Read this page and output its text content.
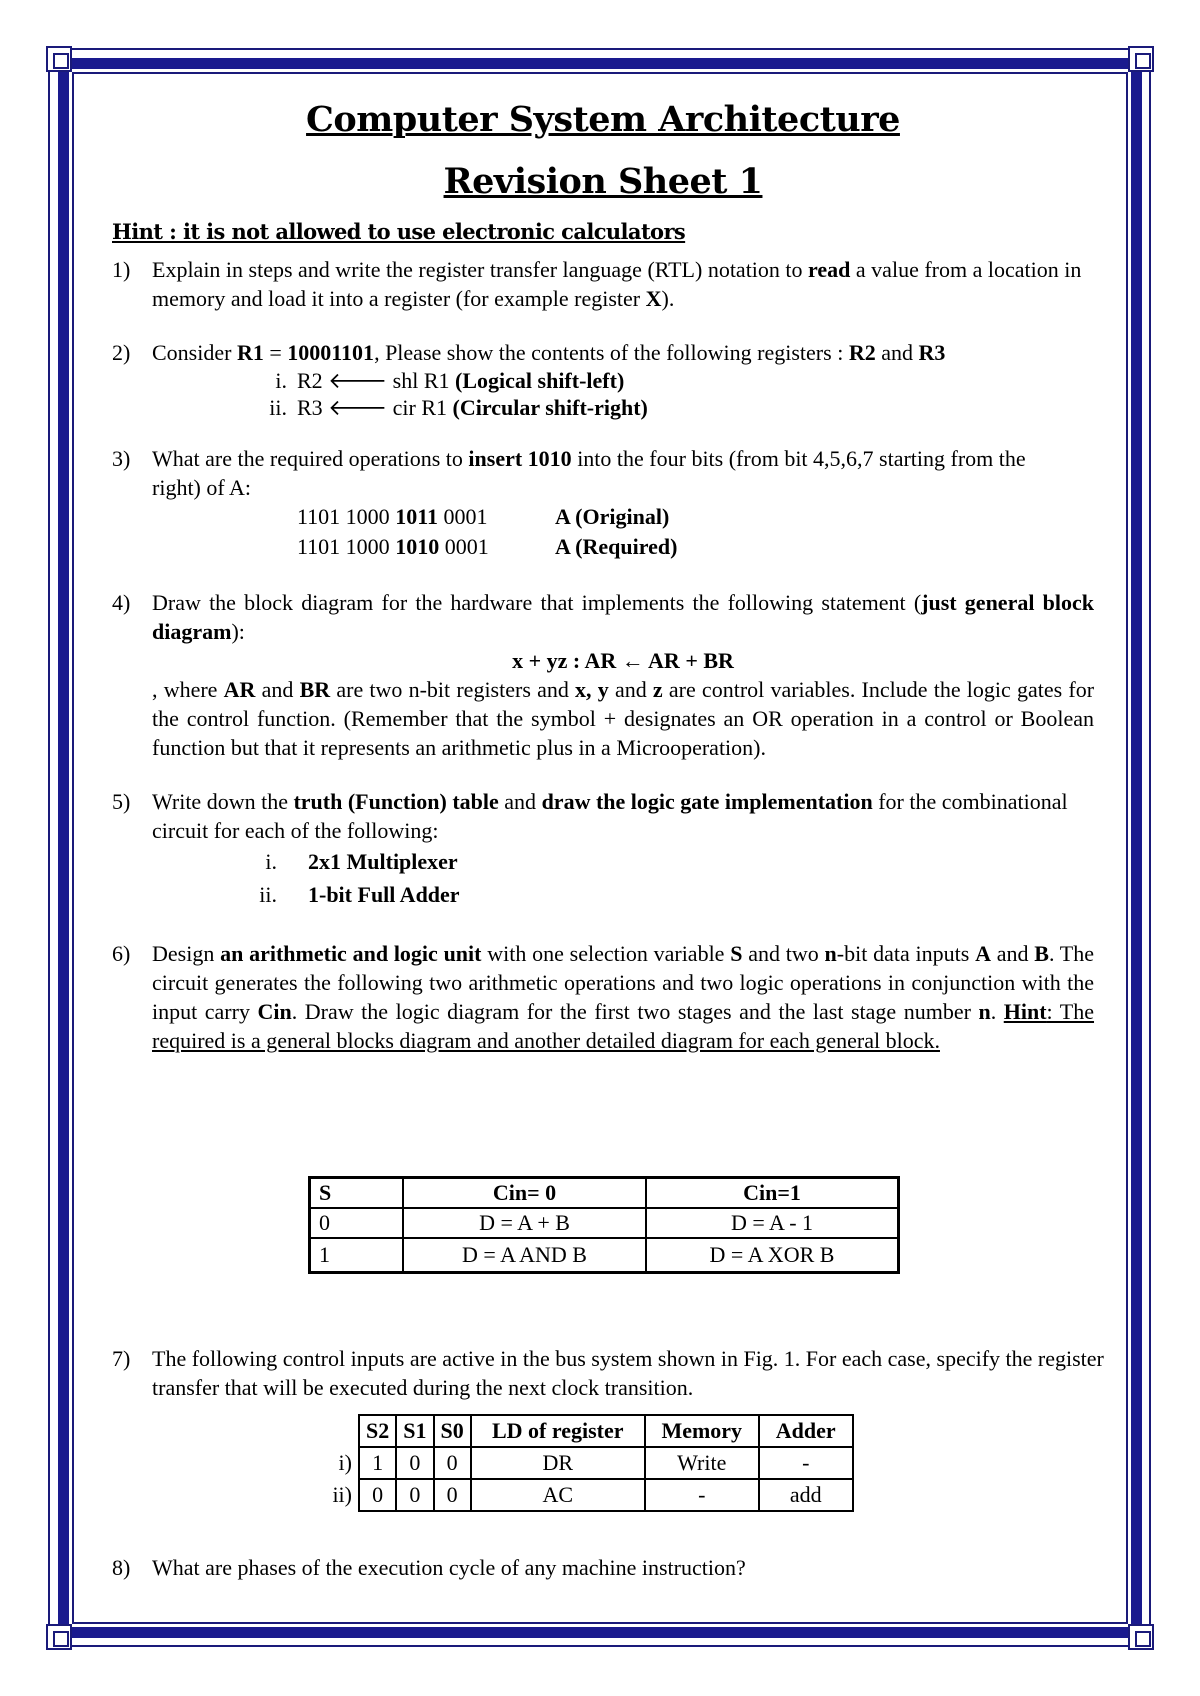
Computer System Architecture
Revision Sheet 1
Hint : it is not allowed to use electronic calculators
1) Explain in steps and write the register transfer language (RTL) notation to read a value from a location in memory and load it into a register (for example register X).

2) Consider R1 = 10001101, Please show the contents of the following registers : R2 and R3

i. R2 🡐 shl R1 (Logical shift-left)
ii. R3 🡐 cir R1 (Circular shift-right)
3) What are the required operations to insert 1010 into the four bits (from bit 4,5,6,7 starting from the right) of A:

1101 1000 1011 0001	A (Original)
1101 1000 1010 0001	A (Required)
4) Draw the block diagram for the hardware that implements the following statement (just general block diagram):

x + yz : AR ← AR + BR

, where AR and BR are two n-bit registers and x, y and z are control variables. Include the logic gates for the control function. (Remember that the symbol + designates an OR operation in a control or Boolean function but that it represents an arithmetic plus in a Microoperation).

5) Write down the truth (Function) table and draw the logic gate implementation for the combinational circuit for each of the following:

i. 2x1 Multiplexer
ii. 1-bit Full Adder
6) Design an arithmetic and logic unit with one selection variable S and two n-bit data inputs A and B. The circuit generates the following two arithmetic operations and two logic operations in conjunction with the input carry Cin. Draw the logic diagram for the first two stages and the last stage number n. Hint: The required is a general blocks diagram and another detailed diagram for each general block.

S	Cin= 0	Cin=1
0	D = A + B	D = A - 1
1	D = A AND B	D = A XOR B
7) The following control inputs are active in the bus system shown in Fig. 1. For each case, specify the register transfer that will be executed during the next clock transition.

	S2	S1	S0	LD of register	Memory	Adder
i)	1	0	0	DR	Write	-
ii)	0	0	0	AC	-	add
8) What are phases of the execution cycle of any machine instruction?
